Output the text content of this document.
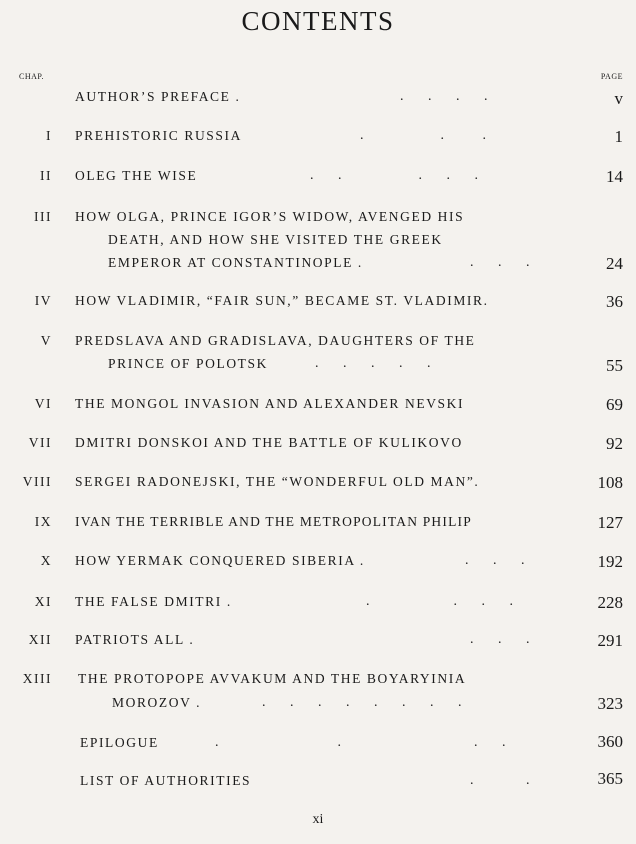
CONTENTS
CHAP.	PAGE
AUTHOR’S PREFACE .	.       .       .       .	v
I PREHISTORIC RUSSIA	.                      .           .	1
II OLEG THE WISE	.       .                      .       .       .	14
III HOW OLGA, PRINCE IGOR’S WIDOW, AVENGED HIS
DEATH, AND HOW SHE VISITED THE GREEK
EMPEROR AT CONSTANTINOPLE .	.       .       .	24
IV HOW VLADIMIR, “FAIR SUN,” BECAME ST. VLADIMIR.	36
V PREDSLAVA AND GRADISLAVA, DAUGHTERS OF THE
PRINCE OF POLOTSK	.       .       .       .       .	55
VI THE MONGOL INVASION AND ALEXANDER NEVSKI	69
VII DMITRI DONSKOI AND THE BATTLE OF KULIKOVO	92
VIII SERGEI RADONEJSKI, THE “WONDERFUL OLD MAN”.	108
IX IVAN THE TERRIBLE AND THE METROPOLITAN PHILIP	127
X HOW YERMAK CONQUERED SIBERIA .	.       .       .	192
XI THE FALSE DMITRI .	.                        .       .       .	228
XII PATRIOTS ALL .	.       .       .	291
XIII THE PROTOPOPE AVVAKUM AND THE BOYARYINIA
MOROZOV .	.       .       .       .       .       .       .       .	323
EPILOGUE	.                                  .                                      .       .	360
LIST OF AUTHORITIES	.               .	365
xi
